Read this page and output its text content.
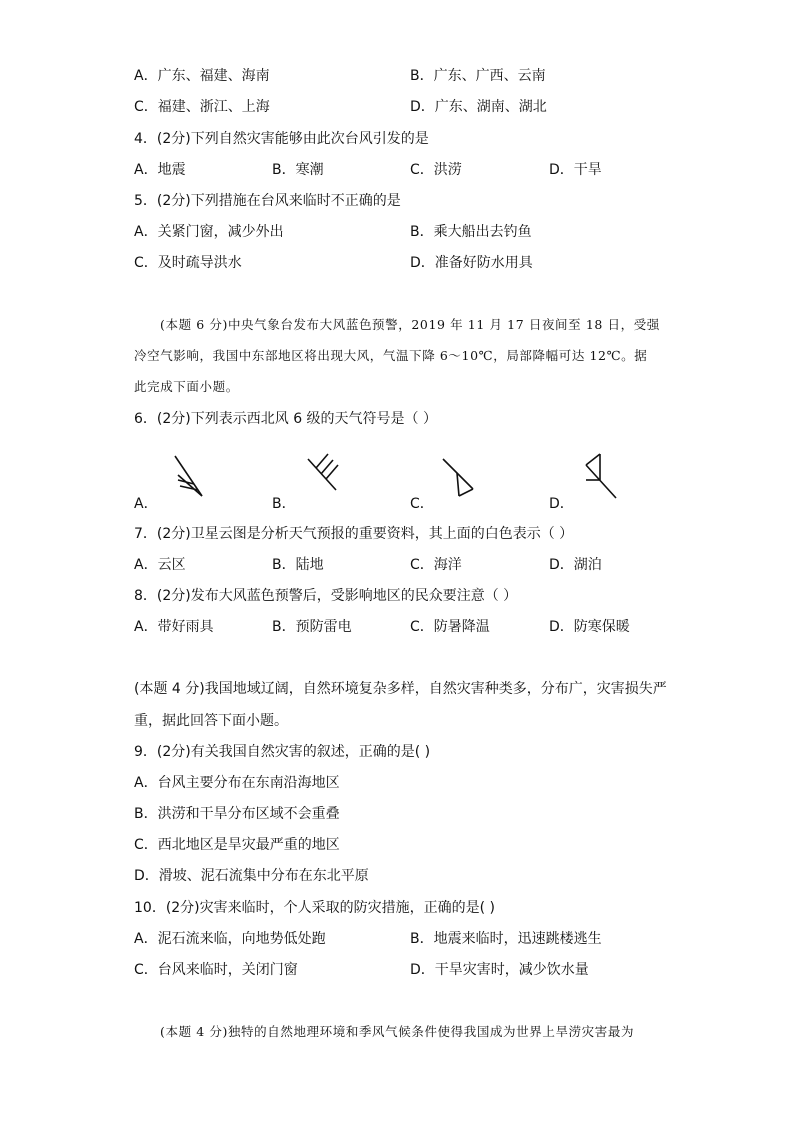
A．广东、福建、海南	B．广东、广西、云南
C．福建、浙江、上海	D．广东、湖南、湖北
4．(2分)下列自然灾害能够由此次台风引发的是
A．地震	B．寒潮	C．洪涝	D．干旱
5．(2分)下列措施在台风来临时不正确的是
A．关紧门窗，减少外出	B．乘大船出去钓鱼
C．及时疏导洪水	D．准备好防水用具
(本题 6 分)中央气象台发布大风蓝色预警，2019 年 11 月 17 日夜间至 18 日，受强
冷空气影响，我国中东部地区将出现大风，气温下降 6～10℃，局部降幅可达 12℃。据
此完成下面小题。
6．(2分)下列表示西北风 6 级的天气符号是（ ）
A．	B．	C．	D．
7．(2分)卫星云图是分析天气预报的重要资料，其上面的白色表示（ ）
A．云区	B．陆地	C．海洋	D．湖泊
8．(2分)发布大风蓝色预警后，受影响地区的民众要注意（ ）
A．带好雨具	B．预防雷电	C．防暑降温	D．防寒保暖
(本题 4 分)我国地域辽阔，自然环境复杂多样，自然灾害种类多，分布广，灾害损失严
重，据此回答下面小题。
9．(2分)有关我国自然灾害的叙述，正确的是( )
A．台风主要分布在东南沿海地区
B．洪涝和干旱分布区域不会重叠
C．西北地区是旱灾最严重的地区
D．滑坡、泥石流集中分布在东北平原
10．(2分)灾害来临时，个人采取的防灾措施，正确的是( )
A．泥石流来临，向地势低处跑	B．地震来临时，迅速跳楼逃生
C．台风来临时，关闭门窗	D．干旱灾害时，减少饮水量
(本题 4 分)独特的自然地理环境和季风气候条件使得我国成为世界上旱涝灾害最为
